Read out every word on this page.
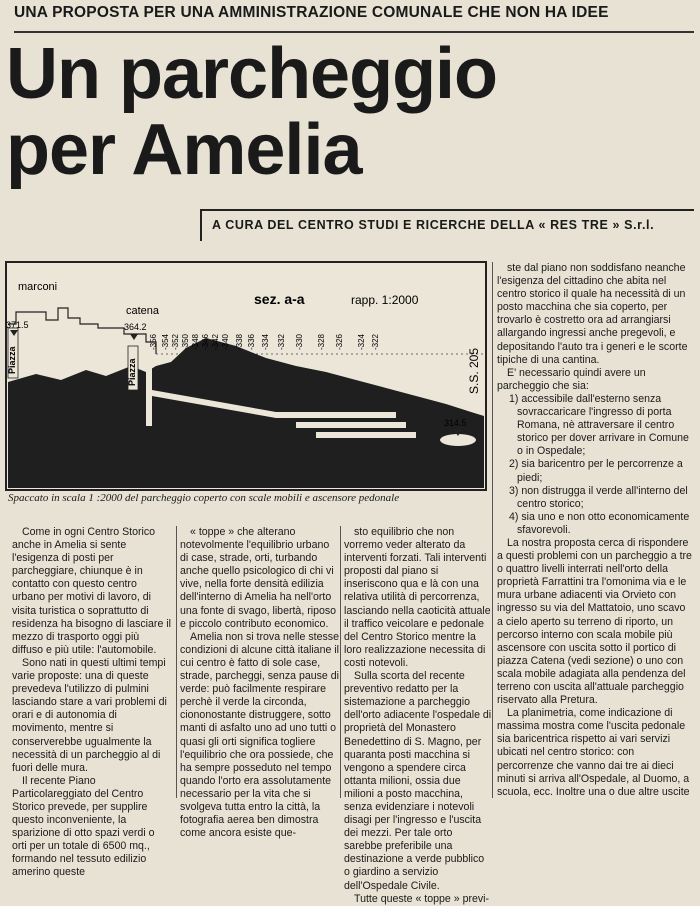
UNA PROPOSTA PER UNA AMMINISTRAZIONE COMUNALE CHE NON HA IDEE
Un parcheggio
per Amelia
A CURA DEL CENTRO STUDI E RICERCHE DELLA « RES TRE » S.r.l.
Piazza	Piazza
marconi
371.5
catena
364.2
sez. a-a	rapp. 1:2000
S.S. 205
314.5
-356 -354 -352 -350 -348 -346 -342 -340 -338 -336 -334 -332 -330 -328 -326 -324 -322
Spaccato in scala 1 :2000 del parcheggio coperto con scale mobili e ascensore pedonale

ste dal piano non soddisfano neanche l'esigenza del cittadino che abita nel centro storico il quale ha necessità di un posto macchina che sia coperto, per trovarlo è costretto ora ad arrangiarsi allargando ingressi anche pregevoli, e depositando l'auto tra i generi e le scorte tipiche di una cantina.

E' necessario quindi avere un parcheggio che sia:

1) accessibile dall'esterno senza sovraccaricare l'ingresso di porta Romana, nè attraversare il centro storico per dover arrivare in Comune o in Ospedale;

2) sia baricentro per le percorrenze a piedi;

3) non distrugga il verde all'interno del centro storico;

4) sia uno e non otto economicamente sfavorevoli.

La nostra proposta cerca di rispondere a questi problemi con un parcheggio a tre o quattro livelli interrati nell'orto della proprietà Farrattini tra l'omonima via e le mura urbane adiacenti via Orvieto con ingresso su via del Mattatoio, uno scavo a cielo aperto su terreno di riporto, un percorso interno con scala mobile più ascensore con uscita sotto il portico di piazza Catena (vedi sezione) o uno con scala mobile adagiata alla pendenza del terreno con uscita all'attuale parcheggio riservato alla Pretura.

La planimetria, come indicazione di massima mostra come l'uscita pedonale sia baricentrica rispetto ai vari servizi ubicati nel centro storico: con percorrenze che vanno dai tre ai dieci minuti si arriva all'Ospedale, al Duomo, a scuola, ecc. Inoltre una o due altre uscite

Come in ogni Centro Storico anche in Amelia si sente l'esigenza di posti per parcheggiare, chiunque è in contatto con questo centro urbano per motivi di lavoro, di visita turistica o soprattutto di residenza ha bisogno di lasciare il mezzo di trasporto oggi più diffuso e più utile: l'automobile.

Sono nati in questi ultimi tempi varie proposte: una di queste prevedeva l'utilizzo di pulmini lasciando stare a vari problemi di orari e di autonomia di movimento, mentre si conserverebbe ugualmente la necessità di un parcheggio al di fuori delle mura.

Il recente Piano Particolareggiato del Centro Storico prevede, per supplire questo inconveniente, la sparizione di otto spazi verdi o orti per un totale di 6500 mq., formando nel tessuto edilizio amerino queste

« toppe » che alterano notevolmente l'equilibrio urbano di case, strade, orti, turbando anche quello psicologico di chi vi vive, nella forte densità edilizia dell'interno di Amelia ha nell'orto una fonte di svago, libertà, riposo e piccolo contributo economico.

Amelia non si trova nelle stesse condizioni di alcune città italiane il cui centro è fatto di sole case, strade, parcheggi, senza pause di verde: può facilmente respirare perchè il verde la circonda, ciononostante distruggere, sotto manti di asfalto uno ad uno tutti o quasi gli orti significa togliere l'equilibrio che ora possiede, che ha sempre posseduto nel tempo quando l'orto era assolutamente necessario per la vita che si svolgeva tutta entro la città, la fotografia aerea ben dimostra come ancora esiste que-

sto equilibrio che non vorremo veder alterato da interventi forzati. Tali interventi proposti dal piano si inseriscono qua e là con una relativa utilità di percorrenza, lasciando nella caoticità attuale il traffico veicolare e pedonale del Centro Storico mentre la loro realizzazione necessita di costi notevoli.

Sulla scorta del recente preventivo redatto per la sistemazione a parcheggio dell'orto adiacente l'ospedale di proprietà del Monastero Benedettino di S. Magno, per quaranta posti macchina si vengono a spendere circa ottanta milioni, ossia due milioni a posto macchina, senza evidenziare i notevoli disagi per l'ingresso e l'uscita dei mezzi. Per tale orto sarebbe preferibile una destinazione a verde pubblico o giardino a servizio dell'Ospedale Civile.

Tutte queste « toppe » previ-
